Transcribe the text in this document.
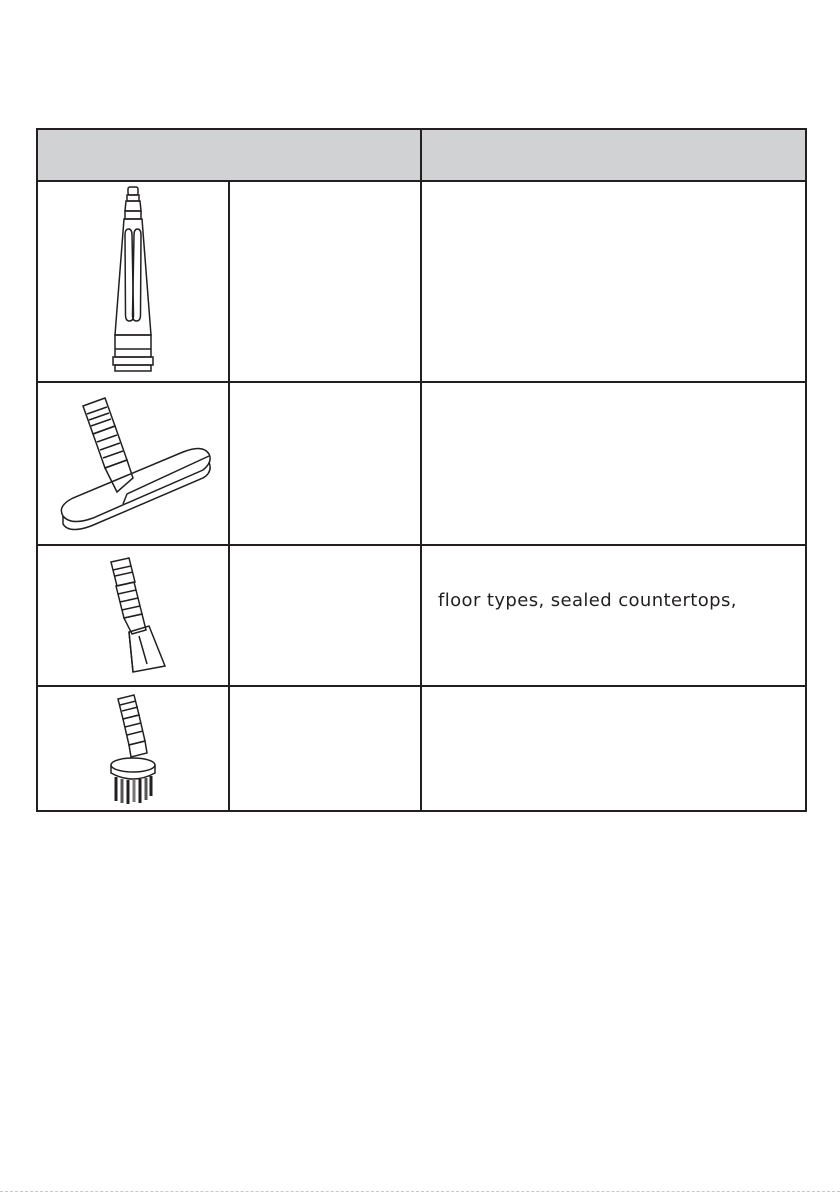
		floor types, sealed countertops,
